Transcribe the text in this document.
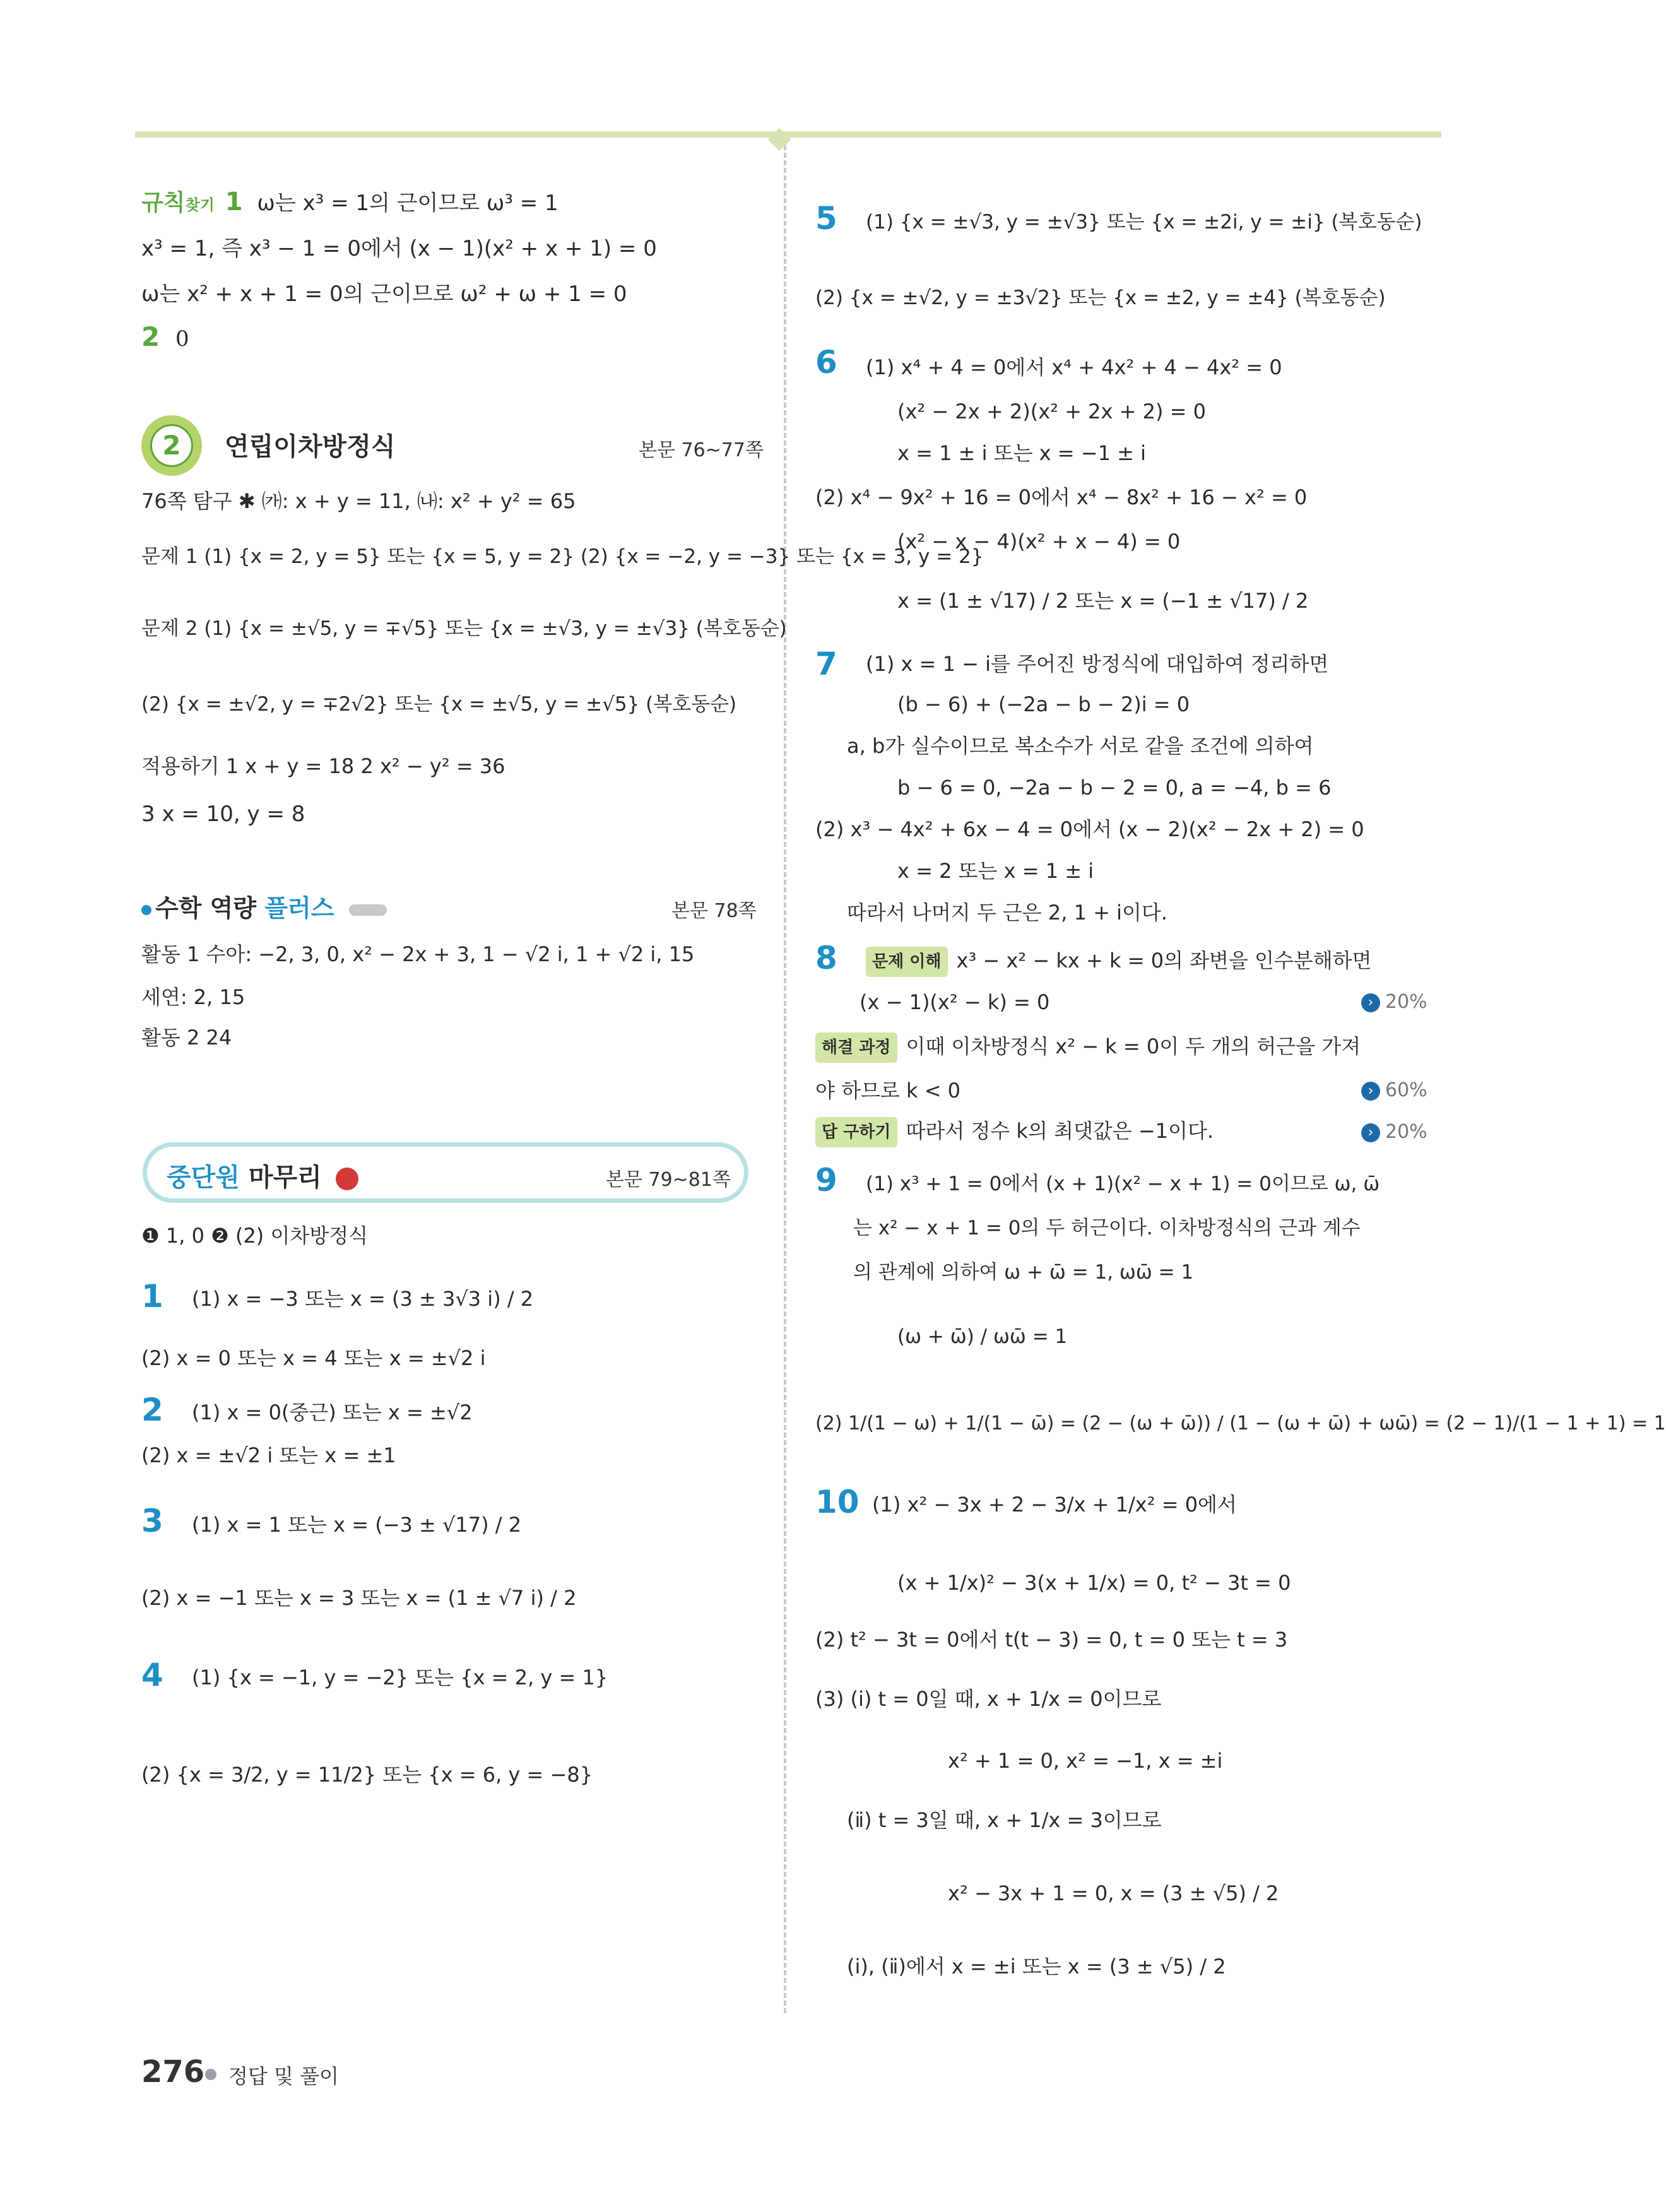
규칙찾기 1 ω는 x³ = 1의 근이므로 ω³ = 1
x³ = 1, 즉 x³ − 1 = 0에서 (x − 1)(x² + x + 1) = 0
ω는 x² + x + 1 = 0의 근이므로 ω² + ω + 1 = 0
2 0
2	연립이차방정식	본문 76~77쪽
76쪽 탐구 ✱ ㈎: x + y = 11, ㈏: x² + y² = 65
문제 1 (1) {x = 2, y = 5} 또는 {x = 5, y = 2} (2) {x = −2, y = −3} 또는 {x = 3, y = 2}
문제 2 (1) {x = ±√5, y = ∓√5} 또는 {x = ±√3, y = ±√3} (복호동순)
(2) {x = ±√2, y = ∓2√2} 또는 {x = ±√5, y = ±√5} (복호동순)
적용하기 1 x + y = 18 2 x² − y² = 36
3 x = 10, y = 8
수학 역량 플러스	본문 78쪽
활동 1 수아: −2, 3, 0, x² − 2x + 3, 1 − √2 i, 1 + √2 i, 15
세연: 2, 15
활동 2 24
중단원 마무리	본문 79~81쪽
❶ 1, 0 ❷ (2) 이차방정식
1 (1) x = −3 또는 x = (3 ± 3√3 i) / 2
(2) x = 0 또는 x = 4 또는 x = ±√2 i
2 (1) x = 0(중근) 또는 x = ±√2
(2) x = ±√2 i 또는 x = ±1
3 (1) x = 1 또는 x = (−3 ± √17) / 2
(2) x = −1 또는 x = 3 또는 x = (1 ± √7 i) / 2
4 (1) {x = −1, y = −2} 또는 {x = 2, y = 1}
(2) {x = 3/2, y = 11/2} 또는 {x = 6, y = −8}
5 (1) {x = ±√3, y = ±√3} 또는 {x = ±2i, y = ±i} (복호동순)
(2) {x = ±√2, y = ±3√2} 또는 {x = ±2, y = ±4} (복호동순)
6 (1) x⁴ + 4 = 0에서 x⁴ + 4x² + 4 − 4x² = 0
(x² − 2x + 2)(x² + 2x + 2) = 0
x = 1 ± i 또는 x = −1 ± i
(2) x⁴ − 9x² + 16 = 0에서 x⁴ − 8x² + 16 − x² = 0
(x² − x − 4)(x² + x − 4) = 0
x = (1 ± √17) / 2 또는 x = (−1 ± √17) / 2
7 (1) x = 1 − i를 주어진 방정식에 대입하여 정리하면
(b − 6) + (−2a − b − 2)i = 0
a, b가 실수이므로 복소수가 서로 같을 조건에 의하여
b − 6 = 0, −2a − b − 2 = 0, a = −4, b = 6
(2) x³ − 4x² + 6x − 4 = 0에서 (x − 2)(x² − 2x + 2) = 0
x = 2 또는 x = 1 ± i
따라서 나머지 두 근은 2, 1 + i이다.
8	문제 이해 x³ − x² − kx + k = 0의 좌변을 인수분해하면
(x − 1)(x² − k) = 0	› 20%
해결 과정 이때 이차방정식 x² − k = 0이 두 개의 허근을 가져
야 하므로 k < 0	› 60%
답 구하기 따라서 정수 k의 최댓값은 −1이다.	› 20%
9 (1) x³ + 1 = 0에서 (x + 1)(x² − x + 1) = 0이므로 ω, ω̄
는 x² − x + 1 = 0의 두 허근이다. 이차방정식의 근과 계수
의 관계에 의하여 ω + ω̄ = 1, ωω̄ = 1
(ω + ω̄) / ωω̄ = 1
(2) 1/(1 − ω) + 1/(1 − ω̄) = (2 − (ω + ω̄)) / (1 − (ω + ω̄) + ωω̄) = (2 − 1)/(1 − 1 + 1) = 1
10 (1) x² − 3x + 2 − 3/x + 1/x² = 0에서
(x + 1/x)² − 3(x + 1/x) = 0, t² − 3t = 0
(2) t² − 3t = 0에서 t(t − 3) = 0, t = 0 또는 t = 3
(3) (ⅰ) t = 0일 때, x + 1/x = 0이므로
x² + 1 = 0, x² = −1, x = ±i
(ⅱ) t = 3일 때, x + 1/x = 3이므로
x² − 3x + 1 = 0, x = (3 ± √5) / 2
(ⅰ), (ⅱ)에서 x = ±i 또는 x = (3 ± √5) / 2
276 정답 및 풀이
